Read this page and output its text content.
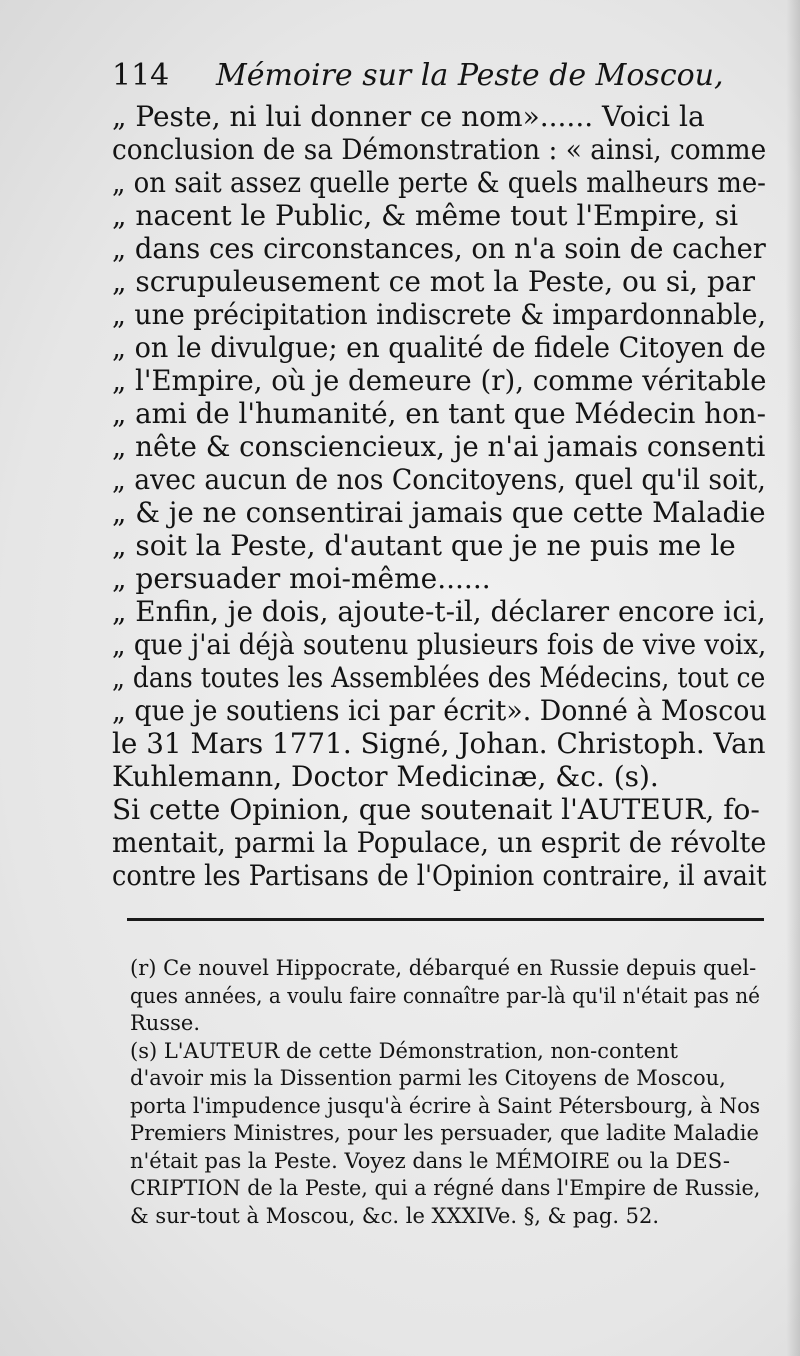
114 Mémoire sur la Peste de Moscou,
„ Peste, ni lui donner ce nom»...... Voici la
conclusion de sa Démonstration : « ainsi, comme
„ on sait assez quelle perte & quels malheurs me-
„ nacent le Public, & même tout l'Empire, si
„ dans ces circonstances, on n'a soin de cacher
„ scrupuleusement ce mot la Peste, ou si, par
„ une précipitation indiscrete & impardonnable,
„ on le divulgue; en qualité de fidele Citoyen de
„ l'Empire, où je demeure (r), comme véritable
„ ami de l'humanité, en tant que Médecin hon-
„ nête & consciencieux, je n'ai jamais consenti
„ avec aucun de nos Concitoyens, quel qu'il soit,
„ & je ne consentirai jamais que cette Maladie
„ soit la Peste, d'autant que je ne puis me le
„ persuader moi-même......
„ Enfin, je dois, ajoute-t-il, déclarer encore ici,
„ que j'ai déjà soutenu plusieurs fois de vive voix,
„ dans toutes les Assemblées des Médecins, tout ce
„ que je soutiens ici par écrit». Donné à Moscou
le 31 Mars 1771. Signé, Johan. Christoph. Van
Kuhlemann, Doctor Medicinæ, &c. (s).
Si cette Opinion, que soutenait l'AUTEUR, fo-
mentait, parmi la Populace, un esprit de révolte
contre les Partisans de l'Opinion contraire, il avait
(r) Ce nouvel Hippocrate, débarqué en Russie depuis quel-
ques années, a voulu faire connaître par-là qu'il n'était pas né
Russe.
(s) L'AUTEUR de cette Démonstration, non-content
d'avoir mis la Dissention parmi les Citoyens de Moscou,
porta l'impudence jusqu'à écrire à Saint Pétersbourg, à Nos
Premiers Ministres, pour les persuader, que ladite Maladie
n'était pas la Peste. Voyez dans le MÉMOIRE ou la DES-
CRIPTION de la Peste, qui a régné dans l'Empire de Russie,
& sur-tout à Moscou, &c. le XXXIVe. §, & pag. 52.
